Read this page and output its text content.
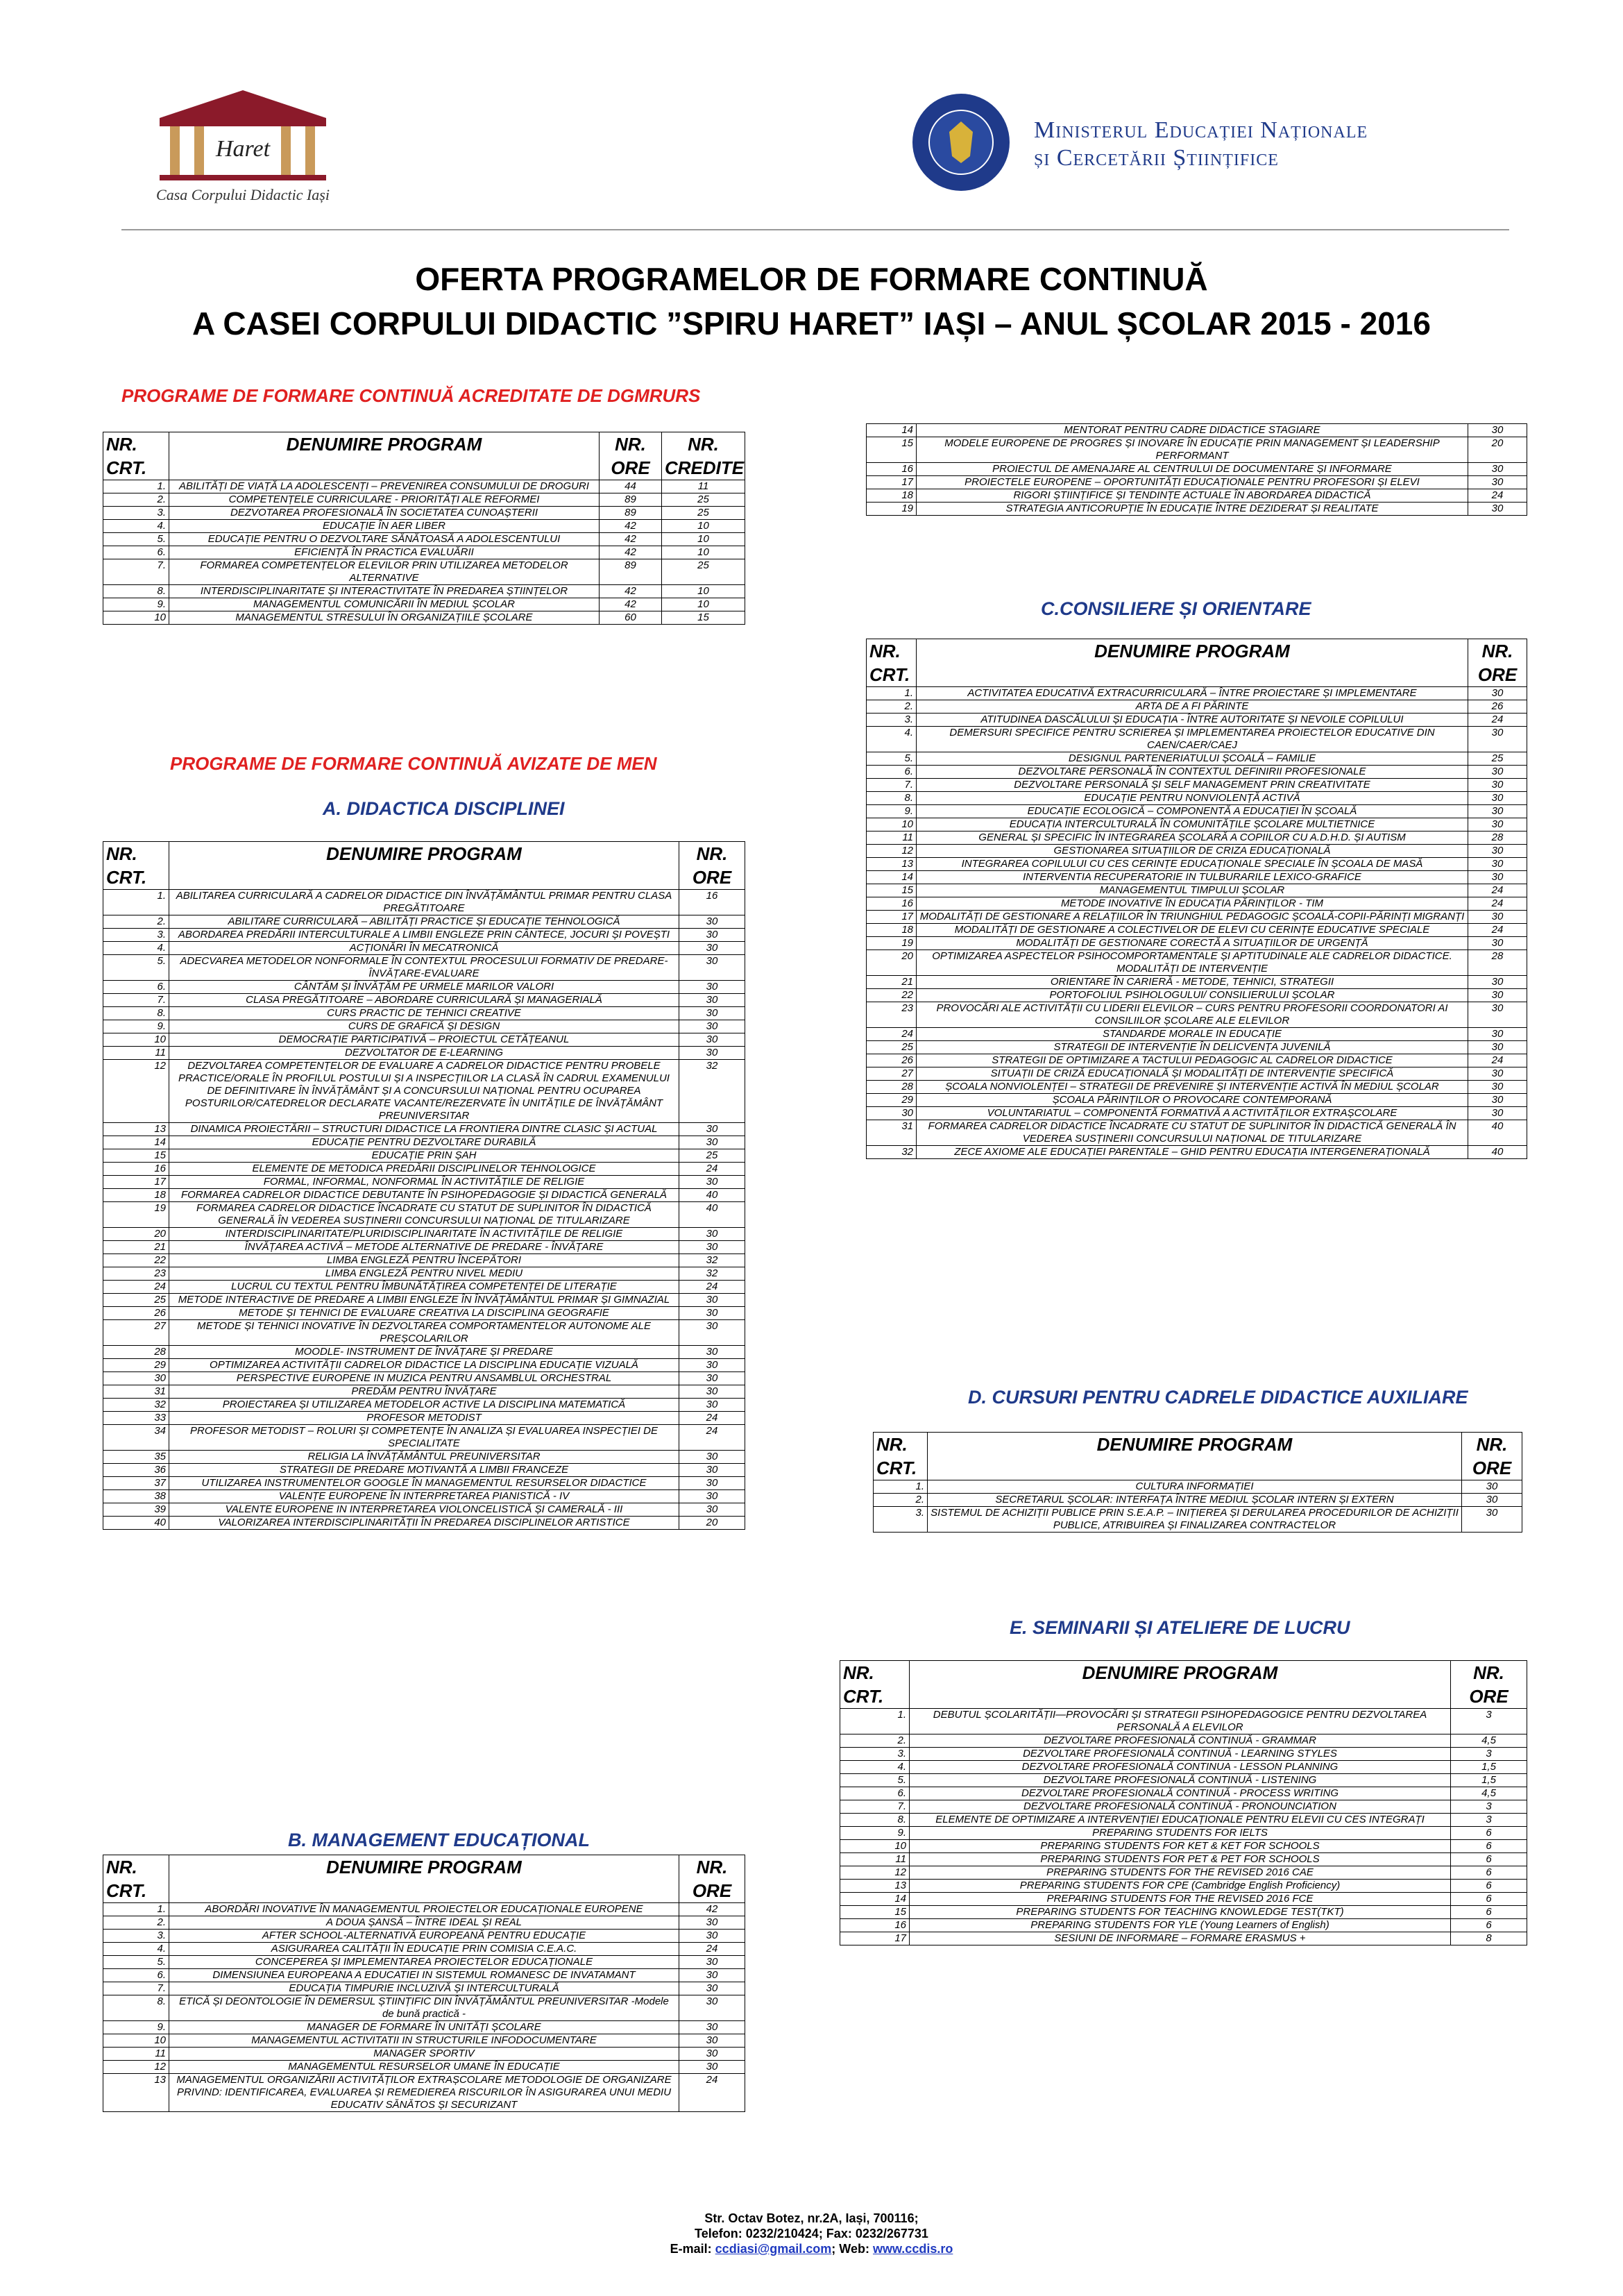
Haret
Casa Corpului Didactic Iași
Ministerul Educației Naționale
și Cercetării Științifice
OFERTA PROGRAMELOR DE FORMARE CONTINUĂ
A CASEI CORPULUI DIDACTIC ”SPIRU HARET” IAȘI – ANUL ȘCOLAR 2015 - 2016
PROGRAME DE FORMARE CONTINUĂ ACREDITATE DE DGMRURS
NR. CRT.	DENUMIRE PROGRAM	NR. ORE	NR. CREDITE
1.	ABILITĂȚI DE VIAȚĂ LA ADOLESCENȚI – PREVENIREA CONSUMULUI DE DROGURI	44	11
2.	COMPETENȚELE CURRICULARE - PRIORITĂȚI ALE REFORMEI	89	25
3.	DEZVOTAREA PROFESIONALĂ ÎN SOCIETATEA CUNOAȘTERII	89	25
4.	EDUCAȚIE ÎN AER LIBER	42	10
5.	EDUCAȚIE PENTRU O DEZVOLTARE SĂNĂTOASĂ A ADOLESCENTULUI	42	10
6.	EFICIENȚĂ ÎN PRACTICA EVALUĂRII	42	10
7.	FORMAREA COMPETENȚELOR ELEVILOR PRIN UTILIZAREA METODELOR ALTERNATIVE	89	25
8.	INTERDISCIPLINARITATE ȘI INTERACTIVITATE ÎN PREDAREA ȘTIINȚELOR	42	10
9.	MANAGEMENTUL COMUNICĂRII ÎN MEDIUL ȘCOLAR	42	10
10	MANAGEMENTUL STRESULUI ÎN ORGANIZAȚIILE ȘCOLARE	60	15
PROGRAME DE FORMARE CONTINUĂ AVIZATE DE MEN
A. DIDACTICA DISCIPLINEI
NR. CRT.	DENUMIRE PROGRAM	NR. ORE
1.	ABILITAREA CURRICULARĂ A CADRELOR DIDACTICE DIN ÎNVĂȚĂMÂNTUL PRIMAR PENTRU CLASA PREGĂTITOARE	16
2.	ABILITARE CURRICULARĂ – ABILITĂȚI PRACTICE ȘI EDUCAȚIE TEHNOLOGICĂ	30
3.	ABORDAREA PREDĂRII INTERCULTURALE A LIMBII ENGLEZE PRIN CÂNTECE, JOCURI ȘI POVEȘTI	30
4.	ACȚIONĂRI ÎN MECATRONICĂ	30
5.	ADECVAREA METODELOR NONFORMALE ÎN CONTEXTUL PROCESULUI FORMATIV DE PREDARE-ÎNVĂȚARE-EVALUARE	30
6.	CÂNTĂM ȘI ÎNVĂȚĂM PE URMELE MARILOR VALORI	30
7.	CLASA PREGĂTITOARE – ABORDARE CURRICULARĂ ȘI MANAGERIALĂ	30
8.	CURS PRACTIC DE TEHNICI CREATIVE	30
9.	CURS DE GRAFICĂ ȘI DESIGN	30
10	DEMOCRAȚIE PARTICIPATIVĂ – PROIECTUL CETĂȚEANUL	30
11	DEZVOLTATOR DE E-LEARNING	30
12	DEZVOLTAREA COMPETENȚELOR DE EVALUARE A CADRELOR DIDACTICE PENTRU PROBELE PRACTICE/ORALE ÎN PROFILUL POSTULUI ȘI A INSPECȚIILOR LA CLASĂ ÎN CADRUL EXAMENULUI DE DEFINITIVARE ÎN ÎNVĂȚĂMÂNT ȘI A CONCURSULUI NAȚIONAL PENTRU OCUPAREA POSTURILOR/CATEDRELOR DECLARATE VACANTE/REZERVATE ÎN UNITĂȚILE DE ÎNVĂȚĂMÂNT PREUNIVERSITAR	32
13	DINAMICA PROIECTĂRII – STRUCTURI DIDACTICE LA FRONTIERA DINTRE CLASIC ȘI ACTUAL	30
14	EDUCAȚIE PENTRU DEZVOLTARE DURABILĂ	30
15	EDUCAȚIE PRIN ȘAH	25
16	ELEMENTE DE METODICA PREDĂRII DISCIPLINELOR TEHNOLOGICE	24
17	FORMAL, INFORMAL, NONFORMAL ÎN ACTIVITĂȚILE DE RELIGIE	30
18	FORMAREA CADRELOR DIDACTICE DEBUTANTE ÎN PSIHOPEDAGOGIE ȘI DIDACTICĂ GENERALĂ	40
19	FORMAREA CADRELOR DIDACTICE ÎNCADRATE CU STATUT DE SUPLINITOR ÎN DIDACTICĂ GENERALĂ ÎN VEDEREA SUSȚINERII CONCURSULUI NAȚIONAL DE TITULARIZARE	40
20	INTERDISCIPLINARITATE/PLURIDISCIPLINARITATE ÎN ACTIVITĂȚILE DE RELIGIE	30
21	ÎNVĂȚAREA ACTIVĂ – METODE ALTERNATIVE DE PREDARE - ÎNVĂȚARE	30
22	LIMBA ENGLEZĂ PENTRU ÎNCEPĂTORI	32
23	LIMBA ENGLEZĂ PENTRU NIVEL MEDIU	32
24	LUCRUL CU TEXTUL PENTRU ÎMBUNĂTĂȚIREA COMPETENȚEI DE LITERAȚIE	24
25	METODE INTERACTIVE DE PREDARE A LIMBII ENGLEZE ÎN ÎNVĂȚĂMÂNTUL PRIMAR ȘI GIMNAZIAL	30
26	METODE ȘI TEHNICI DE EVALUARE CREATIVA LA DISCIPLINA GEOGRAFIE	30
27	METODE ȘI TEHNICI INOVATIVE ÎN DEZVOLTAREA COMPORTAMENTELOR AUTONOME ALE PREȘCOLARILOR	30
28	MOODLE- INSTRUMENT DE ÎNVĂȚARE ȘI PREDARE	30
29	OPTIMIZAREA ACTIVITĂȚII CADRELOR DIDACTICE LA DISCIPLINA EDUCAȚIE VIZUALĂ	30
30	PERSPECTIVE EUROPENE IN MUZICA PENTRU ANSAMBLUL ORCHESTRAL	30
31	PREDĂM PENTRU ÎNVĂȚARE	30
32	PROIECTAREA ȘI UTILIZAREA METODELOR ACTIVE LA DISCIPLINA MATEMATICĂ	30
33	PROFESOR METODIST	24
34	PROFESOR METODIST – ROLURI ȘI COMPETENȚE ÎN ANALIZA ȘI EVALUAREA INSPECȚIEI DE SPECIALITATE	24
35	RELIGIA LA ÎNVĂȚĂMÂNTUL PREUNIVERSITAR	30
36	STRATEGII DE PREDARE MOTIVANTĂ A LIMBII FRANCEZE	30
37	UTILIZAREA INSTRUMENTELOR GOOGLE ÎN MANAGEMENTUL RESURSELOR DIDACTICE	30
38	VALENȚE EUROPENE ÎN INTERPRETAREA PIANISTICĂ - IV	30
39	VALENTE EUROPENE IN INTERPRETAREA VIOLONCELISTICĂ ȘI CAMERALĂ - III	30
40	VALORIZAREA INTERDISCIPLINARITĂȚII ÎN PREDAREA DISCIPLINELOR ARTISTICE	20
B. MANAGEMENT EDUCAȚIONAL
NR. CRT.	DENUMIRE PROGRAM	NR. ORE
1.	ABORDĂRI INOVATIVE ÎN MANAGEMENTUL PROIECTELOR EDUCAȚIONALE EUROPENE	42
2.	A DOUA ȘANSĂ – ÎNTRE IDEAL ȘI REAL	30
3.	AFTER SCHOOL-ALTERNATIVĂ EUROPEANĂ PENTRU EDUCAȚIE	30
4.	ASIGURAREA CALITĂȚII ÎN EDUCAȚIE PRIN COMISIA C.E.A.C.	24
5.	CONCEPEREA ȘI IMPLEMENTAREA PROIECTELOR EDUCAȚIONALE	30
6.	DIMENSIUNEA EUROPEANA A EDUCATIEI IN SISTEMUL ROMANESC DE INVATAMANT	30
7.	EDUCAȚIA TIMPURIE INCLUZIVĂ ȘI INTERCULTURALĂ	30
8.	ETICĂ ȘI DEONTOLOGIE ÎN DEMERSUL ȘTIINȚIFIC DIN ÎNVĂȚĂMÂNTUL PREUNIVERSITAR -Modele de bună practică -	30
9.	MANAGER DE FORMARE ÎN UNITĂȚI ȘCOLARE	30
10	MANAGEMENTUL ACTIVITATII IN STRUCTURILE INFODOCUMENTARE	30
11	MANAGER SPORTIV	30
12	MANAGEMENTUL RESURSELOR UMANE ÎN EDUCAȚIE	30
13	MANAGEMENTUL ORGANIZĂRII ACTIVITĂȚILOR EXTRAȘCOLARE METODOLOGIE DE ORGANIZARE PRIVIND: IDENTIFICAREA, EVALUAREA ȘI REMEDIEREA RISCURILOR ÎN ASIGURAREA UNUI MEDIU EDUCATIV SĂNĂTOS ȘI SECURIZANT	24
14	MENTORAT PENTRU CADRE DIDACTICE STAGIARE	30
15	MODELE EUROPENE DE PROGRES ȘI INOVARE ÎN EDUCAȚIE PRIN MANAGEMENT ȘI LEADERSHIP PERFORMANT	20
16	PROIECTUL DE AMENAJARE AL CENTRULUI DE DOCUMENTARE ȘI INFORMARE	30
17	PROIECTELE EUROPENE – OPORTUNITĂȚI EDUCAȚIONALE PENTRU PROFESORI ȘI ELEVI	30
18	RIGORI ȘTIINȚIFICE ȘI TENDINȚE ACTUALE ÎN ABORDAREA DIDACTICĂ	24
19	STRATEGIA ANTICORUPȚIE ÎN EDUCAȚIE ÎNTRE DEZIDERAT ȘI REALITATE	30
C.CONSILIERE ȘI ORIENTARE
NR. CRT.	DENUMIRE PROGRAM	NR. ORE
1.	ACTIVITATEA EDUCATIVĂ EXTRACURRICULARĂ – ÎNTRE PROIECTARE ȘI IMPLEMENTARE	30
2.	ARTA DE A FI PĂRINTE	26
3.	ATITUDINEA DASCĂLULUI ȘI EDUCAȚIA - ÎNTRE AUTORITATE ȘI NEVOILE COPILULUI	24
4.	DEMERSURI SPECIFICE PENTRU SCRIEREA ȘI IMPLEMENTAREA PROIECTELOR EDUCATIVE DIN CAEN/CAER/CAEJ	30
5.	DESIGNUL PARTENERIATULUI ȘCOALĂ – FAMILIE	25
6.	DEZVOLTARE PERSONALĂ ÎN CONTEXTUL DEFINIRII PROFESIONALE	30
7.	DEZVOLTARE PERSONALĂ ȘI SELF MANAGEMENT PRIN CREATIVITATE	30
8.	EDUCAȚIE PENTRU NONVIOLENȚĂ ACTIVĂ	30
9.	EDUCAȚIE ECOLOGICĂ – COMPONENTĂ A EDUCAȚIEI ÎN ȘCOALĂ	30
10	EDUCAȚIA INTERCULTURALĂ ÎN COMUNITĂȚILE ȘCOLARE MULTIETNICE	30
11	GENERAL ȘI SPECIFIC ÎN INTEGRAREA ȘCOLARĂ A COPIILOR CU A.D.H.D. ȘI AUTISM	28
12	GESTIONAREA SITUAȚIILOR DE CRIZA EDUCAȚIONALĂ	30
13	INTEGRAREA COPILULUI CU CES CERINȚE EDUCAȚIONALE SPECIALE ÎN ȘCOALA DE MASĂ	30
14	INTERVENTIA RECUPERATORIE IN TULBURARILE LEXICO-GRAFICE	30
15	MANAGEMENTUL TIMPULUI ȘCOLAR	24
16	METODE INOVATIVE ÎN EDUCAȚIA PĂRINȚILOR - TIM	24
17	MODALITĂȚI DE GESTIONARE A RELAȚIILOR ÎN TRIUNGHIUL PEDAGOGIC ȘCOALĂ-COPII-PĂRINȚI MIGRANȚI	30
18	MODALITĂȚI DE GESTIONARE A COLECTIVELOR DE ELEVI CU CERINȚE EDUCATIVE SPECIALE	24
19	MODALITĂȚI DE GESTIONARE CORECTĂ A SITUAȚIILOR DE URGENȚĂ	30
20	OPTIMIZAREA ASPECTELOR PSIHOCOMPORTAMENTALE ȘI APTITUDINALE ALE CADRELOR DIDACTICE. MODALITĂȚI DE INTERVENȚIE	28
21	ORIENTARE ÎN CARIERĂ - METODE, TEHNICI, STRATEGII	30
22	PORTOFOLIUL PSIHOLOGULUI/ CONSILIERULUI ȘCOLAR	30
23	PROVOCĂRI ALE ACTIVITĂȚII CU LIDERII ELEVILOR – CURS PENTRU PROFESORII COORDONATORI AI CONSILIILOR ȘCOLARE ALE ELEVILOR	30
24	STANDARDE MORALE IN EDUCAȚIE	30
25	STRATEGII DE INTERVENȚIE ÎN DELICVENȚA JUVENILĂ	30
26	STRATEGII DE OPTIMIZARE A TACTULUI PEDAGOGIC AL CADRELOR DIDACTICE	24
27	SITUAȚII DE CRIZĂ EDUCAȚIONALĂ ȘI MODALITĂȚI DE INTERVENȚIE SPECIFICĂ	30
28	ȘCOALA NONVIOLENȚEI – STRATEGII DE PREVENIRE ȘI INTERVENȚIE ACTIVĂ ÎN MEDIUL ȘCOLAR	30
29	ȘCOALA PĂRINȚILOR O PROVOCARE CONTEMPORANĂ	30
30	VOLUNTARIATUL – COMPONENTĂ FORMATIVĂ A ACTIVITĂȚILOR EXTRAȘCOLARE	30
31	FORMAREA CADRELOR DIDACTICE ÎNCADRATE CU STATUT DE SUPLINITOR ÎN DIDACTICĂ GENERALĂ ÎN VEDEREA SUSȚINERII CONCURSULUI NAȚIONAL DE TITULARIZARE	40
32	ZECE AXIOME ALE EDUCAȚIEI PARENTALE – GHID PENTRU EDUCAȚIA INTERGENERAȚIONALĂ	40
D. CURSURI PENTRU CADRELE DIDACTICE AUXILIARE
NR. CRT.	DENUMIRE PROGRAM	NR. ORE
1.	CULTURA INFORMAȚIEI	30
2.	SECRETARUL ȘCOLAR: INTERFAȚA ÎNTRE MEDIUL ȘCOLAR INTERN ȘI EXTERN	30
3.	SISTEMUL DE ACHIZIȚII PUBLICE PRIN S.E.A.P. – INIȚIEREA ȘI DERULAREA PROCEDURILOR DE ACHIZIȚII PUBLICE, ATRIBUIREA ȘI FINALIZAREA CONTRACTELOR	30
E. SEMINARII ȘI ATELIERE DE LUCRU
NR. CRT.	DENUMIRE PROGRAM	NR. ORE
1.	DEBUTUL ȘCOLARITĂȚII—PROVOCĂRI ȘI STRATEGII PSIHOPEDAGOGICE PENTRU DEZVOLTAREA PERSONALĂ A ELEVILOR	3
2.	DEZVOLTARE PROFESIONALĂ CONTINUĂ - GRAMMAR	4,5
3.	DEZVOLTARE PROFESIONALĂ CONTINUĂ - LEARNING STYLES	3
4.	DEZVOLTARE PROFESIONALĂ CONTINUA - LESSON PLANNING	1,5
5.	DEZVOLTARE PROFESIONALĂ CONTINUĂ - LISTENING	1,5
6.	DEZVOLTARE PROFESIONALĂ CONTINUĂ - PROCESS WRITING	4,5
7.	DEZVOLTARE PROFESIONALĂ CONTINUĂ - PRONOUNCIATION	3
8.	ELEMENTE DE OPTIMIZARE A INTERVENȚIEI EDUCAȚIONALE PENTRU ELEVII CU CES INTEGRAȚI	3
9.	PREPARING STUDENTS FOR IELTS	6
10	PREPARING STUDENTS FOR KET & KET FOR SCHOOLS	6
11	PREPARING STUDENTS FOR PET & PET FOR SCHOOLS	6
12	PREPARING STUDENTS FOR THE REVISED 2016 CAE	6
13	PREPARING STUDENTS FOR CPE (Cambridge English Proficiency)	6
14	PREPARING STUDENTS FOR THE REVISED 2016 FCE	6
15	PREPARING STUDENTS FOR TEACHING KNOWLEDGE TEST(TKT)	6
16	PREPARING STUDENTS FOR YLE (Young Learners of English)	6
17	SESIUNI DE INFORMARE – FORMARE ERASMUS +	8
Str. Octav Botez, nr.2A, Iași, 700116;
Telefon: 0232/210424; Fax: 0232/267731
E-mail: ccdiasi@gmail.com; Web: www.ccdis.ro
